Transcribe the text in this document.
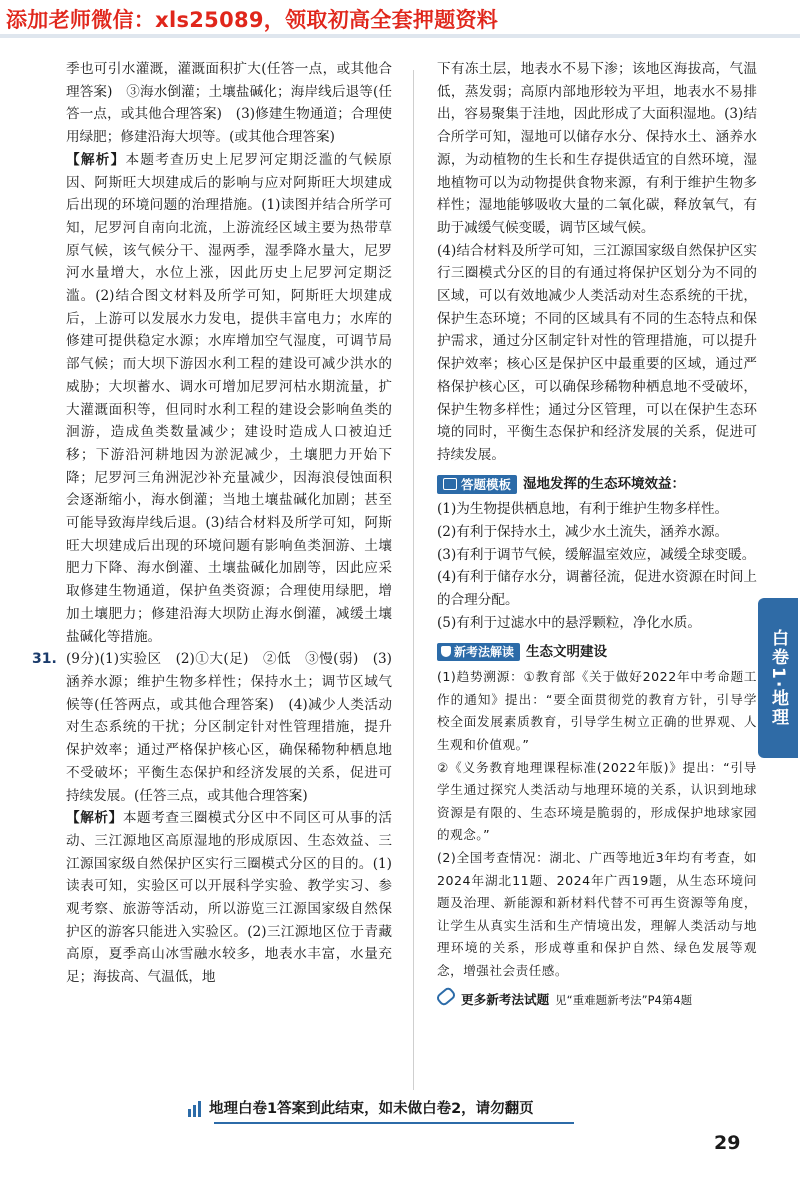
添加老师微信：xls25089，领取初高全套押题资料

季也可引水灌溉，灌溉面积扩大(任答一点，或其他合理答案)　③海水倒灌；土壤盐碱化；海岸线后退等(任答一点，或其他合理答案)　(3)修建生物通道；合理使用绿肥；修建沿海大坝等。(或其他合理答案)

【解析】本题考查历史上尼罗河定期泛滥的气候原因、阿斯旺大坝建成后的影响与应对阿斯旺大坝建成后出现的环境问题的治理措施。(1)读图并结合所学可知，尼罗河自南向北流，上游流经区域主要为热带草原气候，该气候分干、湿两季，湿季降水量大，尼罗河水量增大，水位上涨，因此历史上尼罗河定期泛滥。(2)结合图文材料及所学可知，阿斯旺大坝建成后，上游可以发展水力发电，提供丰富电力；水库的修建可提供稳定水源；水库增加空气湿度，可调节局部气候；而大坝下游因水利工程的建设可减少洪水的威胁；大坝蓄水、调水可增加尼罗河枯水期流量，扩大灌溉面积等，但同时水利工程的建设会影响鱼类的洄游，造成鱼类数量减少；建设时造成人口被迫迁移；下游沿河耕地因为淤泥减少，土壤肥力开始下降；尼罗河三角洲泥沙补充量减少，因海浪侵蚀面积会逐渐缩小，海水倒灌；当地土壤盐碱化加剧；甚至可能导致海岸线后退。(3)结合材料及所学可知，阿斯旺大坝建成后出现的环境问题有影响鱼类洄游、土壤肥力下降、海水倒灌、土壤盐碱化加剧等，因此应采取修建生物通道，保护鱼类资源；合理使用绿肥，增加土壤肥力；修建沿海大坝防止海水倒灌，减缓土壤盐碱化等措施。

31. (9分)(1)实验区　(2)①大(足)　②低　③慢(弱)　(3)涵养水源；维护生物多样性；保持水土；调节区域气候等(任答两点，或其他合理答案)　(4)减少人类活动对生态系统的干扰；分区制定针对性管理措施，提升保护效率；通过严格保护核心区，确保稀物种栖息地不受破坏；平衡生态保护和经济发展的关系，促进可持续发展。(任答三点，或其他合理答案)

【解析】本题考查三圈模式分区中不同区可从事的活动、三江源地区高原湿地的形成原因、生态效益、三江源国家级自然保护区实行三圈模式分区的目的。(1)读表可知，实验区可以开展科学实验、教学实习、参观考察、旅游等活动，所以游览三江源国家级自然保护区的游客只能进入实验区。(2)三江源地区位于青藏高原，夏季高山冰雪融水较多，地表水丰富，水量充足；海拔高、气温低，地

下有冻土层，地表水不易下渗；该地区海拔高，气温低，蒸发弱；高原内部地形较为平坦，地表水不易排出，容易聚集于洼地，因此形成了大面积湿地。(3)结合所学可知，湿地可以储存水分、保持水土、涵养水源，为动植物的生长和生存提供适宜的自然环境，湿地植物可以为动物提供食物来源，有利于维护生物多样性；湿地能够吸收大量的二氧化碳，释放氧气，有助于减缓气候变暖，调节区域气候。

(4)结合材料及所学可知，三江源国家级自然保护区实行三圈模式分区的目的有通过将保护区划分为不同的区域，可以有效地减少人类活动对生态系统的干扰，保护生态环境；不同的区域具有不同的生态特点和保护需求，通过分区制定针对性的管理措施，可以提升保护效率；核心区是保护区中最重要的区域，通过严格保护核心区，可以确保珍稀物种栖息地不受破坏，保护生物多样性；通过分区管理，可以在保护生态环境的同时，平衡生态保护和经济发展的关系，促进可持续发展。

答题模板 湿地发挥的生态环境效益：

(1)为生物提供栖息地，有利于维护生物多样性。

(2)有利于保持水土，减少水土流失，涵养水源。

(3)有利于调节气候，缓解温室效应，减缓全球变暖。

(4)有利于储存水分，调蓄径流，促进水资源在时间上的合理分配。

(5)有利于过滤水中的悬浮颗粒，净化水质。

新考法解读 生态文明建设

(1)趋势溯源：①教育部《关于做好2022年中考命题工作的通知》提出：“要全面贯彻党的教育方针，引导学校全面发展素质教育，引导学生树立正确的世界观、人生观和价值观。”

②《义务教育地理课程标准(2022年版)》提出：“引导学生通过探究人类活动与地理环境的关系，认识到地球资源是有限的、生态环境是脆弱的，形成保护地球家园的观念。”

(2)全国考查情况：湖北、广西等地近3年均有考查，如2024年湖北11题、2024年广西19题，从生态环境问题及治理、新能源和新材料代替不可再生资源等角度，让学生从真实生活和生产情境出发，理解人类活动与地理环境的关系，形成尊重和保护自然、绿色发展等观念，增强社会责任感。

更多新考法试题 见“重难题新考法”P4第4题
白卷1·地理
地理白卷1答案到此结束，如未做白卷2，请勿翻页
29
